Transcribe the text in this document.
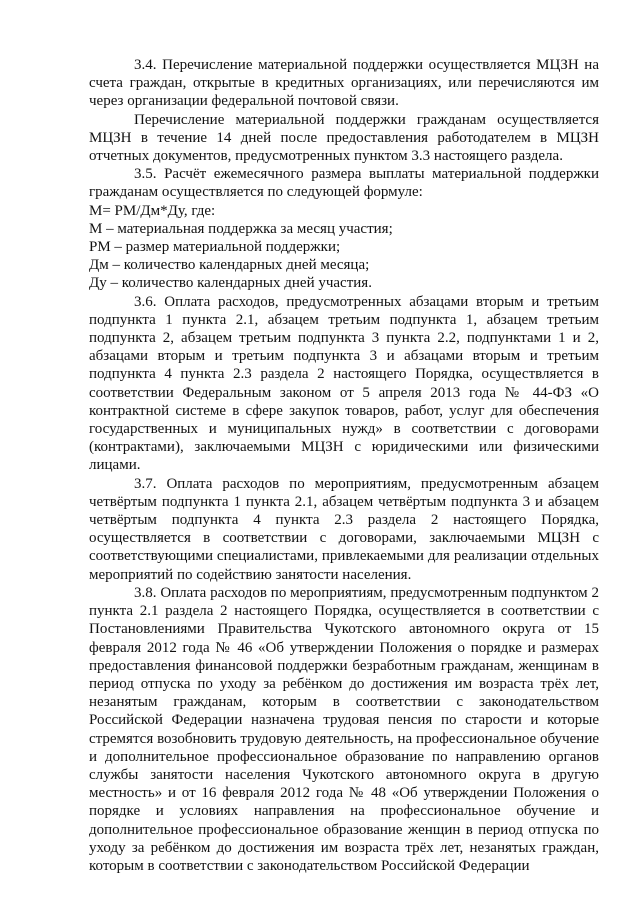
3.4. Перечисление материальной поддержки осуществляется МЦЗН на счета граждан, открытые в кредитных организациях, или перечисляются им через организации федеральной почтовой связи.

Перечисление материальной поддержки гражданам осуществляется МЦЗН в течение 14 дней после предоставления работодателем в МЦЗН отчетных документов, предусмотренных пунктом 3.3 настоящего раздела.

3.5. Расчёт ежемесячного размера выплаты материальной поддержки гражданам осуществляется по следующей формуле:

М= РМ/Дм*Ду, где:

М – материальная поддержка за месяц участия;

РМ – размер материальной поддержки;

Дм – количество календарных дней месяца;

Ду – количество календарных дней участия.

3.6. Оплата расходов, предусмотренных абзацами вторым и третьим подпункта 1 пункта 2.1, абзацем третьим подпункта 1, абзацем третьим подпункта 2, абзацем третьим подпункта 3 пункта 2.2, подпунктами 1 и 2, абзацами вторым и третьим подпункта 3 и абзацами вторым и третьим подпункта 4 пункта 2.3 раздела 2 настоящего Порядка, осуществляется в соответствии Федеральным законом от 5 апреля 2013 года № 44-ФЗ «О контрактной системе в сфере закупок товаров, работ, услуг для обеспечения государственных и муниципальных нужд» в соответствии с договорами (контрактами), заключаемыми МЦЗН с юридическими или физическими лицами.

3.7. Оплата расходов по мероприятиям, предусмотренным абзацем четвёртым подпункта 1 пункта 2.1, абзацем четвёртым подпункта 3 и абзацем четвёртым подпункта 4 пункта 2.3 раздела 2 настоящего Порядка, осуществляется в соответствии с договорами, заключаемыми МЦЗН с соответствующими специалистами, привлекаемыми для реализации отдельных мероприятий по содействию занятости населения.

3.8. Оплата расходов по мероприятиям, предусмотренным подпунктом 2 пункта 2.1 раздела 2 настоящего Порядка, осуществляется в соответствии с Постановлениями Правительства Чукотского автономного округа от 15 февраля 2012 года № 46 «Об утверждении Положения о порядке и размерах предоставления финансовой поддержки безработным гражданам, женщинам в период отпуска по уходу за ребёнком до достижения им возраста трёх лет, незанятым гражданам, которым в соответствии с законодательством Российской Федерации назначена трудовая пенсия по старости и которые стремятся возобновить трудовую деятельность, на профессиональное обучение и дополнительное профессиональное образование по направлению органов службы занятости населения Чукотского автономного округа в другую местность» и от 16 февраля 2012 года № 48 «Об утверждении Положения о порядке и условиях направления на профессиональное обучение и дополнительное профессиональное образование женщин в период отпуска по уходу за ребёнком до достижения им возраста трёх лет, незанятых граждан, которым в соответствии с законодательством Российской Федерации
